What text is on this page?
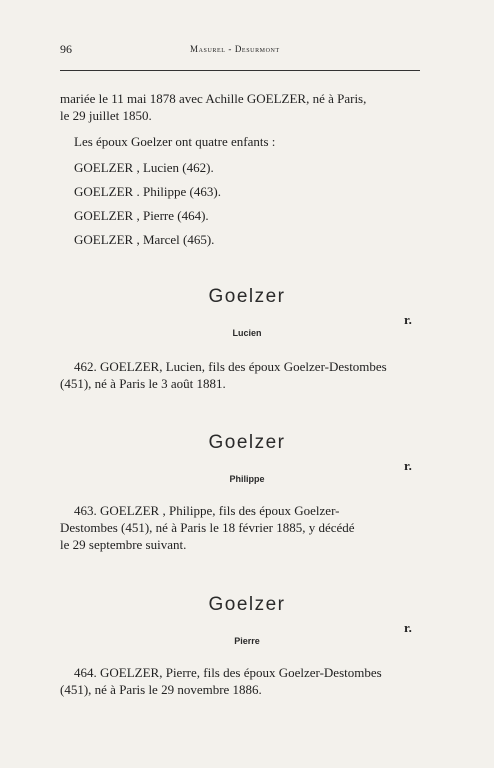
96	Masurel - Desurmont
mariée le 11 mai 1878 avec Achille GOELZER, né à Paris,
le 29 juillet 1850.
Les époux Goelzer ont quatre enfants :
GOELZER , Lucien (462).
GOELZER . Philippe (463).
GOELZER , Pierre (464).
GOELZER , Marcel (465).
Goelzer
r.
Lucien
462. GOELZER, Lucien, fils des époux Goelzer-Destombes
(451), né à Paris le 3 août 1881.
Goelzer
r.
Philippe
463. GOELZER , Philippe, fils des époux Goelzer-
Destombes (451), né à Paris le 18 février 1885, y décédé
le 29 septembre suivant.
Goelzer
r.
Pierre
464. GOELZER, Pierre, fils des époux Goelzer-Destombes
(451), né à Paris le 29 novembre 1886.
